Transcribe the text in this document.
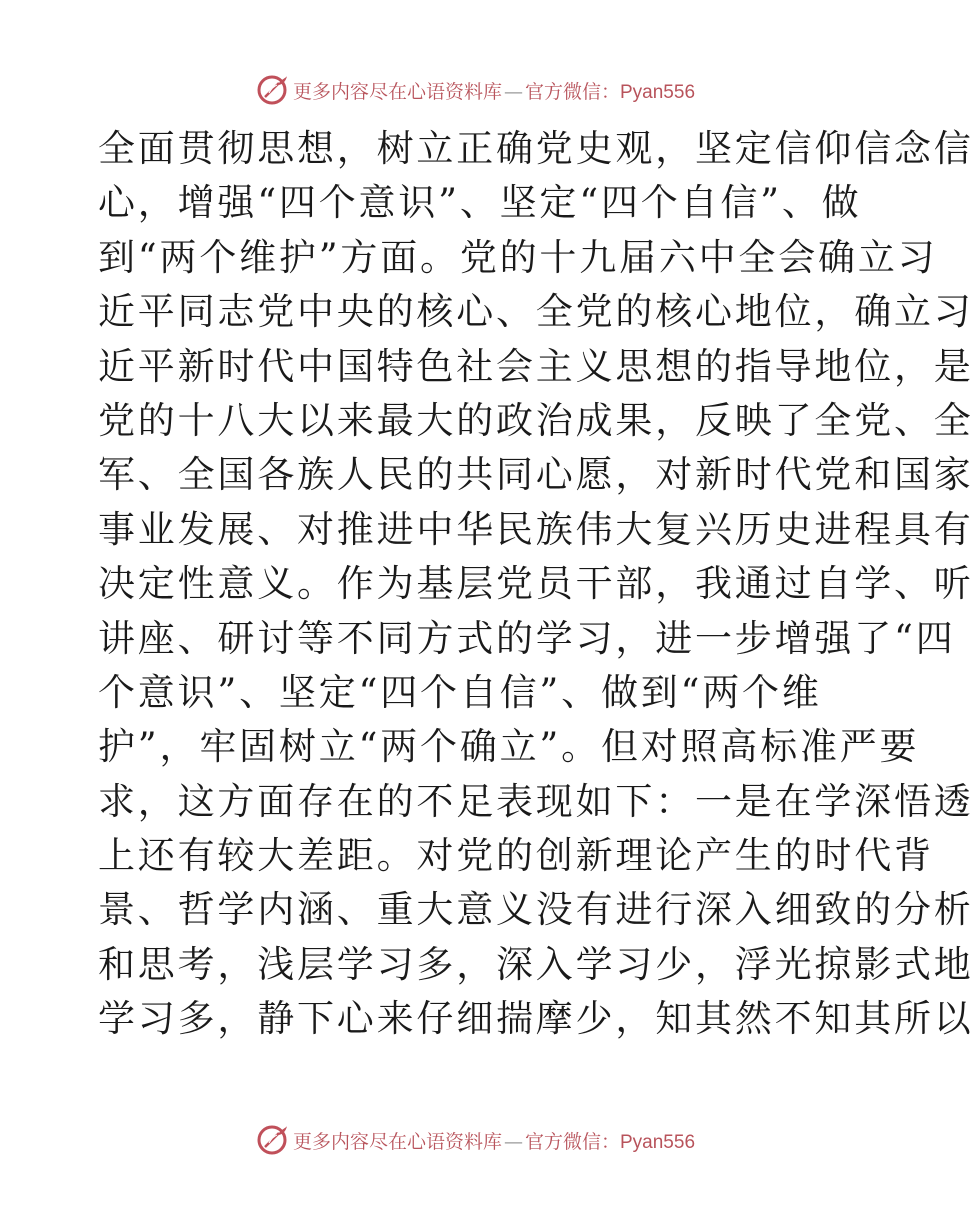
更多内容尽在心语资料库 — 官方微信：Pyan556
全面贯彻思想，树立正确党史观，坚定信仰信念信
心，增强“四个意识”、坚定“四个自信”、做
到“两个维护”方面。党的十九届六中全会确立习
近平同志党中央的核心、全党的核心地位，确立习
近平新时代中国特色社会主义思想的指导地位，是
党的十八大以来最大的政治成果，反映了全党、全
军、全国各族人民的共同心愿，对新时代党和国家
事业发展、对推进中华民族伟大复兴历史进程具有
决定性意义。作为基层党员干部，我通过自学、听
讲座、研讨等不同方式的学习，进一步增强了“四
个意识”、坚定“四个自信”、做到“两个维
护”，牢固树立“两个确立”。但对照高标准严要
求，这方面存在的不足表现如下：一是在学深悟透
上还有较大差距。对党的创新理论产生的时代背
景、哲学内涵、重大意义没有进行深入细致的分析
和思考，浅层学习多，深入学习少，浮光掠影式地
学习多，静下心来仔细揣摩少，知其然不知其所以
更多内容尽在心语资料库 — 官方微信：Pyan556
